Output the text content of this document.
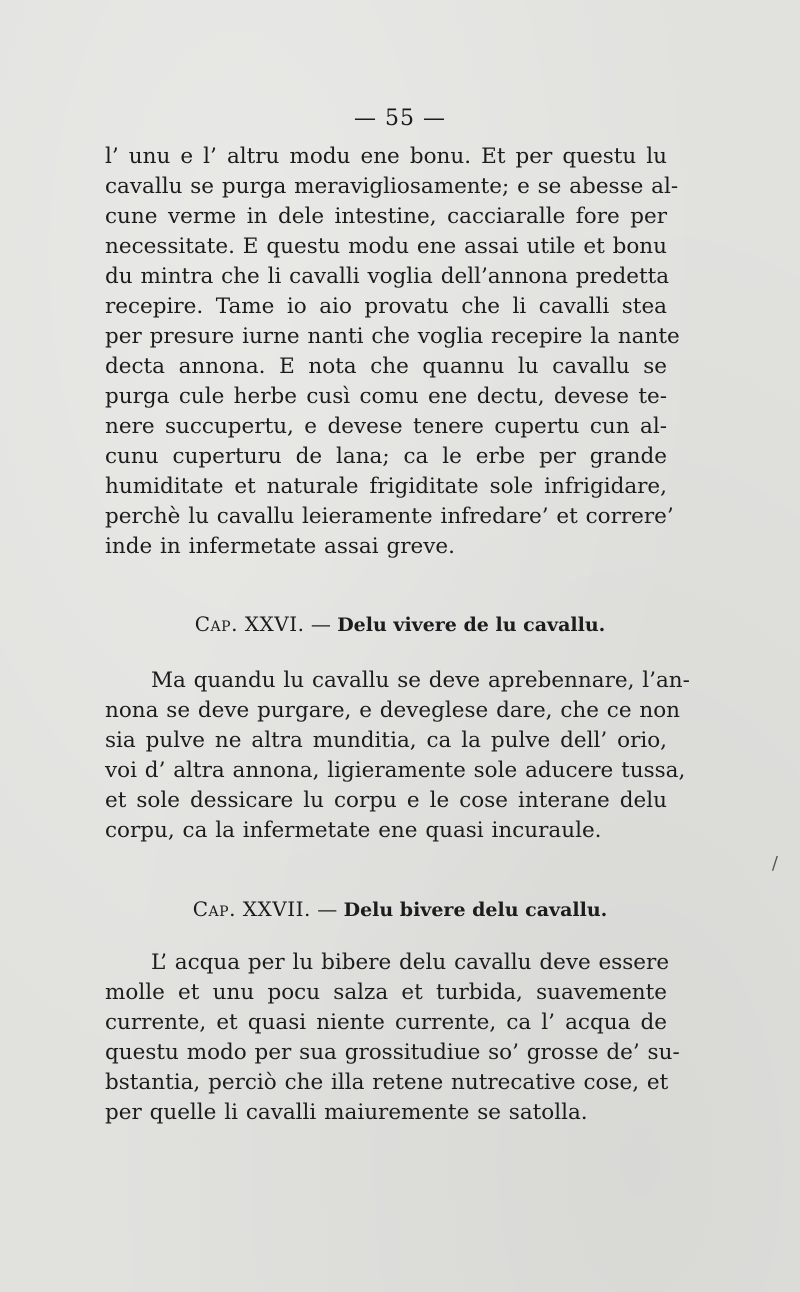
— 55 —

l’ unu e l’ altru modu ene bonu. Et per questu lu
cavallu se purga meravigliosamente; e se abesse al-
cune verme in dele intestine, cacciaralle fore per
necessitate. E questu modu ene assai utile et bonu
du mintra che li cavalli voglia dell’annona predetta
recepire. Tame io aio provatu che li cavalli stea
per presure iurne nanti che voglia recepire la nante
decta annona. E nota che quannu lu cavallu se
purga cule herbe cusì comu ene dectu, devese te-
nere succupertu, e devese tenere cupertu cun al-
cunu cuperturu de lana; ca le erbe per grande
humiditate et naturale frigiditate sole infrigidare,
perchè lu cavallu leieramente infredare’ et correre’
inde in infermetate assai greve.

Cap. XXVI. — Delu vivere de lu cavallu.

Ma quandu lu cavallu se deve aprebennare, l’an-
nona se deve purgare, e deveglese dare, che ce non
sia pulve ne altra munditia, ca la pulve dell’ orio,
voi d’ altra annona, ligieramente sole aducere tussa,
et sole dessicare lu corpu e le cose interane delu
corpu, ca la infermetate ene quasi incuraule.

Cap. XXVII. — Delu bivere delu cavallu.

L’ acqua per lu bibere delu cavallu deve essere
molle et unu pocu salza et turbida, suavemente
currente, et quasi niente currente, ca l’ acqua de
questu modo per sua grossitudiue so’ grosse de’ su-
bstantia, perciò che illa retene nutrecative cose, et
per quelle li cavalli maiuremente se satolla.

/
